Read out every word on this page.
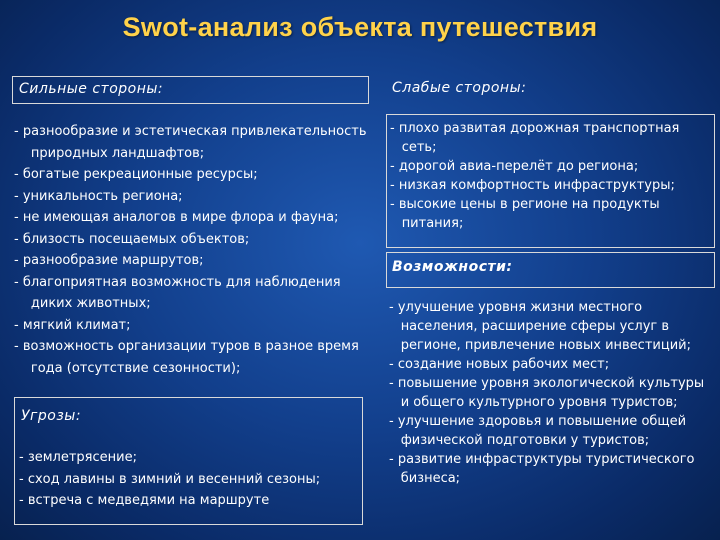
Swot-анализ объекта путешествия
Сильные стороны:
- разнообразие и эстетическая привлекательность природных ландшафтов;
- богатые рекреационные ресурсы;
- уникальность региона;
- не имеющая аналогов в мире флора и фауна;
- близость посещаемых объектов;
- разнообразие маршрутов;
- благоприятная возможность для наблюдения диких животных;
- мягкий климат;
- возможность организации туров в разное время года (отсутствие сезонности);
Угрозы:
- землетрясение;
- сход лавины в зимний и весенний сезоны;
- встреча с медведями на маршруте
Слабые стороны:
- плохо развитая дорожная транспортная сеть;
- дорогой авиа-перелёт до региона;
- низкая комфортность инфраструктуры;
- высокие цены в регионе на продукты питания;
Возможности:
- улучшение уровня жизни местного населения, расширение сферы услуг в регионе, привлечение новых инвестиций;
- создание новых рабочих мест;
- повышение уровня экологической культуры и общего культурного уровня туристов;
- улучшение здоровья и повышение общей физической подготовки у туристов;
- развитие инфраструктуры туристического бизнеса;
